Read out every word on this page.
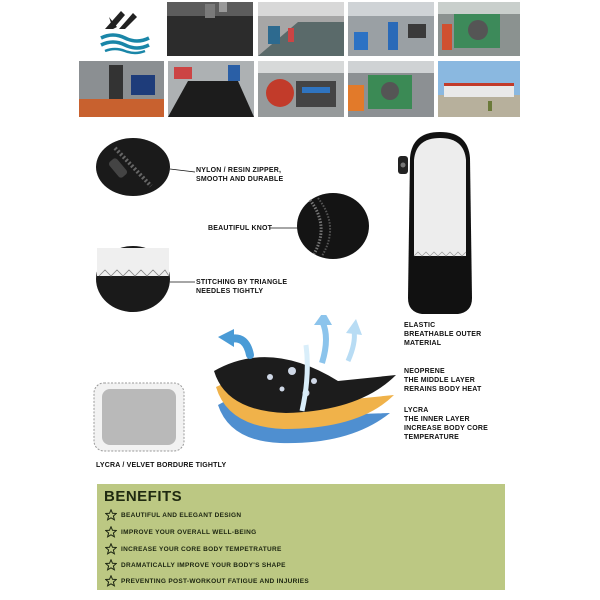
NYLON / RESIN ZIPPER,
SMOOTH AND DURABLE
BEAUTIFUL KNOT
STITCHING BY TRIANGLE
NEEDLES TIGHTLY
ELASTIC
BREATHABLE OUTER
MATERIAL
NEOPRENE
THE MIDDLE LAYER
RERAINS BODY HEAT
LYCRA
THE INNER LAYER
INCREASE BODY CORE
TEMPERATURE
LYCRA / VELVET BORDURE TIGHTLY
BENEFITS
BEAUTIFUL AND ELEGANT DESIGN
IMPROVE YOUR OVERALL WELL-BEING
INCREASE YOUR CORE BODY TEMPETRATURE
DRAMATICALLY IMPROVE YOUR BODY'S SHAPE
PREVENTING POST-WORKOUT FATIGUE AND INJURIES
